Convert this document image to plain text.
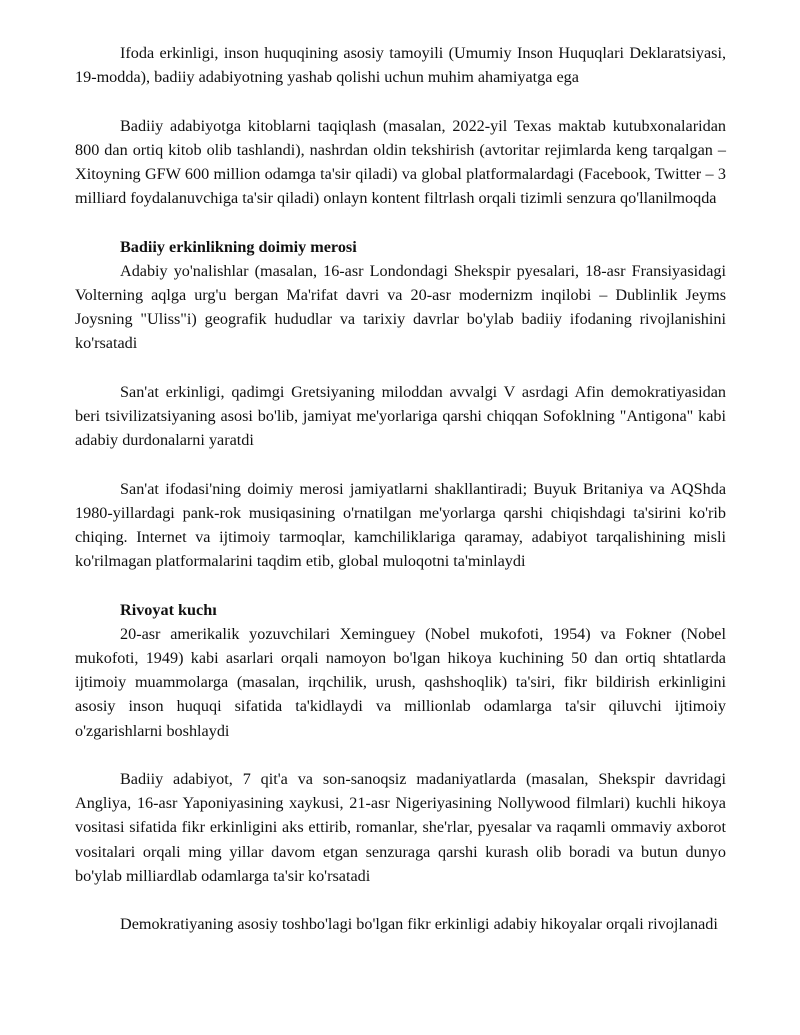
Ifoda erkinligi, inson huquqining asosiy tamoyili (Umumiy Inson Huquqlari Deklaratsiyasi, 19-modda), badiiy adabiyotning yashab qolishi uchun muhim ahamiyatga ega

Badiiy adabiyotga kitoblarni taqiqlash (masalan, 2022-yil Texas maktab kutubxonalaridan 800 dan ortiq kitob olib tashlandi), nashrdan oldin tekshirish (avtoritar rejimlarda keng tarqalgan – Xitoyning GFW 600 million odamga ta'sir qiladi) va global platformalardagi (Facebook, Twitter – 3 milliard foydalanuvchiga ta'sir qiladi) onlayn kontent filtrlash orqali tizimli senzura qo'llanilmoqda

Badiiy erkinlikning doimiy merosi

Adabiy yo'nalishlar (masalan, 16-asr Londondagi Shekspir pyesalari, 18-asr Fransiyasidagi Volterning aqlga urg'u bergan Ma'rifat davri va 20-asr modernizm inqilobi – Dublinlik Jeyms Joysning "Uliss"i) geografik hududlar va tarixiy davrlar bo'ylab badiiy ifodaning rivojlanishini ko'rsatadi

San'at erkinligi, qadimgi Gretsiyaning miloddan avvalgi V asrdagi Afin demokratiyasidan beri tsivilizatsiyaning asosi bo'lib, jamiyat me'yorlariga qarshi chiqqan Sofoklning "Antigona" kabi adabiy durdonalarni yaratdi

San'at ifodasi'ning doimiy merosi jamiyatlarni shakllantiradi; Buyuk Britaniya va AQShda 1980-yillardagi pank-rok musiqasining o'rnatilgan me'yorlarga qarshi chiqishdagi ta'sirini ko'rib chiqing. Internet va ijtimoiy tarmoqlar, kamchiliklariga qaramay, adabiyot tarqalishining misli ko'rilmagan platformalarini taqdim etib, global muloqotni ta'minlaydi

Rivoyat kuchı

20-asr amerikalik yozuvchilari Xeminguey (Nobel mukofoti, 1954) va Fokner (Nobel mukofoti, 1949) kabi asarlari orqali namoyon bo'lgan hikoya kuchining 50 dan ortiq shtatlarda ijtimoiy muammolarga (masalan, irqchilik, urush, qashshoqlik) ta'siri, fikr bildirish erkinligini asosiy inson huquqi sifatida ta'kidlaydi va millionlab odamlarga ta'sir qiluvchi ijtimoiy o'zgarishlarni boshlaydi

Badiiy adabiyot, 7 qit'a va son-sanoqsiz madaniyatlarda (masalan, Shekspir davridagi Angliya, 16-asr Yaponiyasining xaykusi, 21-asr Nigeriyasining Nollywood filmlari) kuchli hikoya vositasi sifatida fikr erkinligini aks ettirib, romanlar, she'rlar, pyesalar va raqamli ommaviy axborot vositalari orqali ming yillar davom etgan senzuraga qarshi kurash olib boradi va butun dunyo bo'ylab milliardlab odamlarga ta'sir ko'rsatadi

Demokratiyaning asosiy toshbo'lagi bo'lgan fikr erkinligi adabiy hikoyalar orqali rivojlanadi
